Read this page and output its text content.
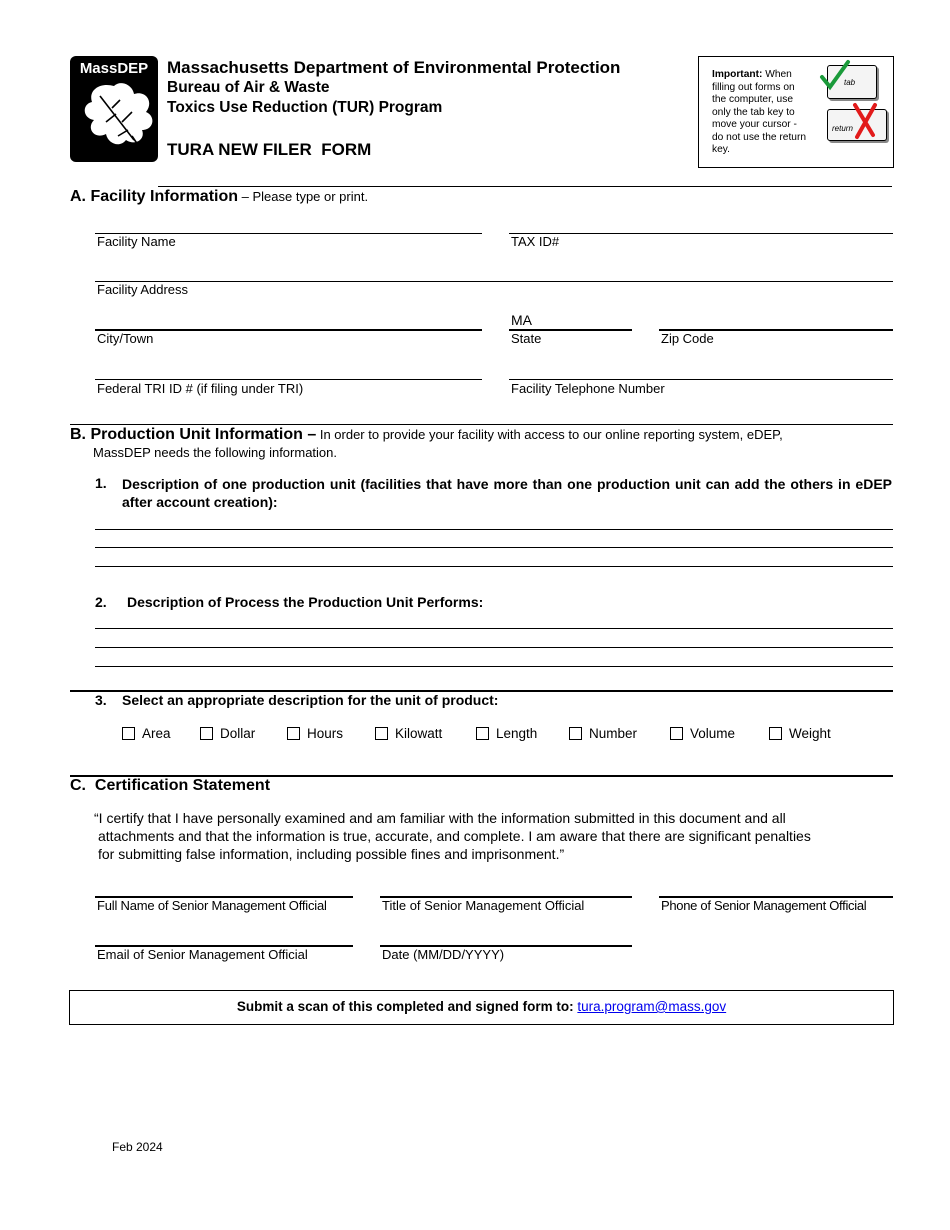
MassDEP	Massachusetts Department of Environmental Protection
Bureau of Air & Waste
Toxics Use Reduction (TUR) Program
TURA NEW FILER  FORM
Important: When filling out forms on the computer, use only the tab key to move your cursor - do not use the return key.
tab
return
A. Facility Information – Please type or print.
Facility Name	TAX ID#
Facility Address
City/Town
MA
State	Zip Code
Federal TRI ID # (if filing under TRI)	Facility Telephone Number
B. Production Unit Information – In order to provide your facility with access to our online reporting system, eDEP,
MassDEP needs the following information.
1. Description of one production unit (facilities that have more than one production unit can add the others in eDEP after account creation):
2. Description of Process the Production Unit Performs:
3. Select an appropriate description for the unit of product:
Area	Dollar	Hours	Kilowatt	Length	Number	Volume	Weight
C.  Certification Statement
“I certify that I have personally examined and am familiar with the information submitted in this document and all
attachments and that the information is true, accurate, and complete. I am aware that there are significant penalties
for submitting false information, including possible fines and imprisonment.”
Full Name of Senior Management Official	Title of Senior Management Official	Phone of Senior Management Official
Email of Senior Management Official	Date (MM/DD/YYYY)
Submit a scan of this completed and signed form to: tura.program@mass.gov
Feb 2024
